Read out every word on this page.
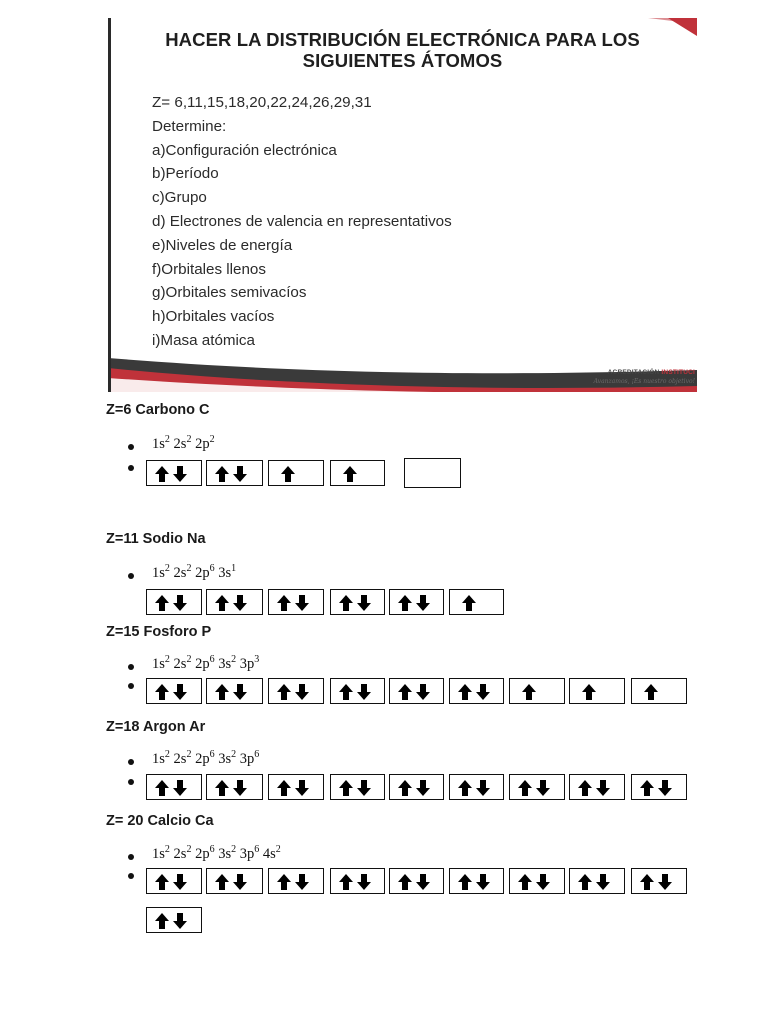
HACER LA DISTRIBUCIÓN ELECTRÓNICA PARA LOS
SIGUIENTES ÁTOMOS
Z= 6,11,15,18,20,22,24,26,29,31
Determine:
a)Configuración electrónica
b)Período
c)Grupo
d) Electrones de valencia en representativos
e)Niveles de energía
f)Orbitales llenos
g)Orbitales semivacíos
h)Orbitales vacíos
i)Masa atómica
ACREDITACIÓN INSTITUCI
Avanzamos, ¡Es nuestro objetivo!
Z=6 Carbono C
$1s^2$ $2s^2$ $2p^2$
Z=11 Sodio Na
$1s^2$ $2s^2$ $2p^6$ $3s^1$
Z=15 Fosforo P
$1s^2$ $2s^2$ $2p^6$ $3s^2$ $3p^3$
Z=18 Argon Ar
$1s^2$ $2s^2$ $2p^6$ $3s^2$ $3p^6$
Z= 20 Calcio Ca
$1s^2$ $2s^2$ $2p^6$ $3s^2$ $3p^6$ $4s^2$
